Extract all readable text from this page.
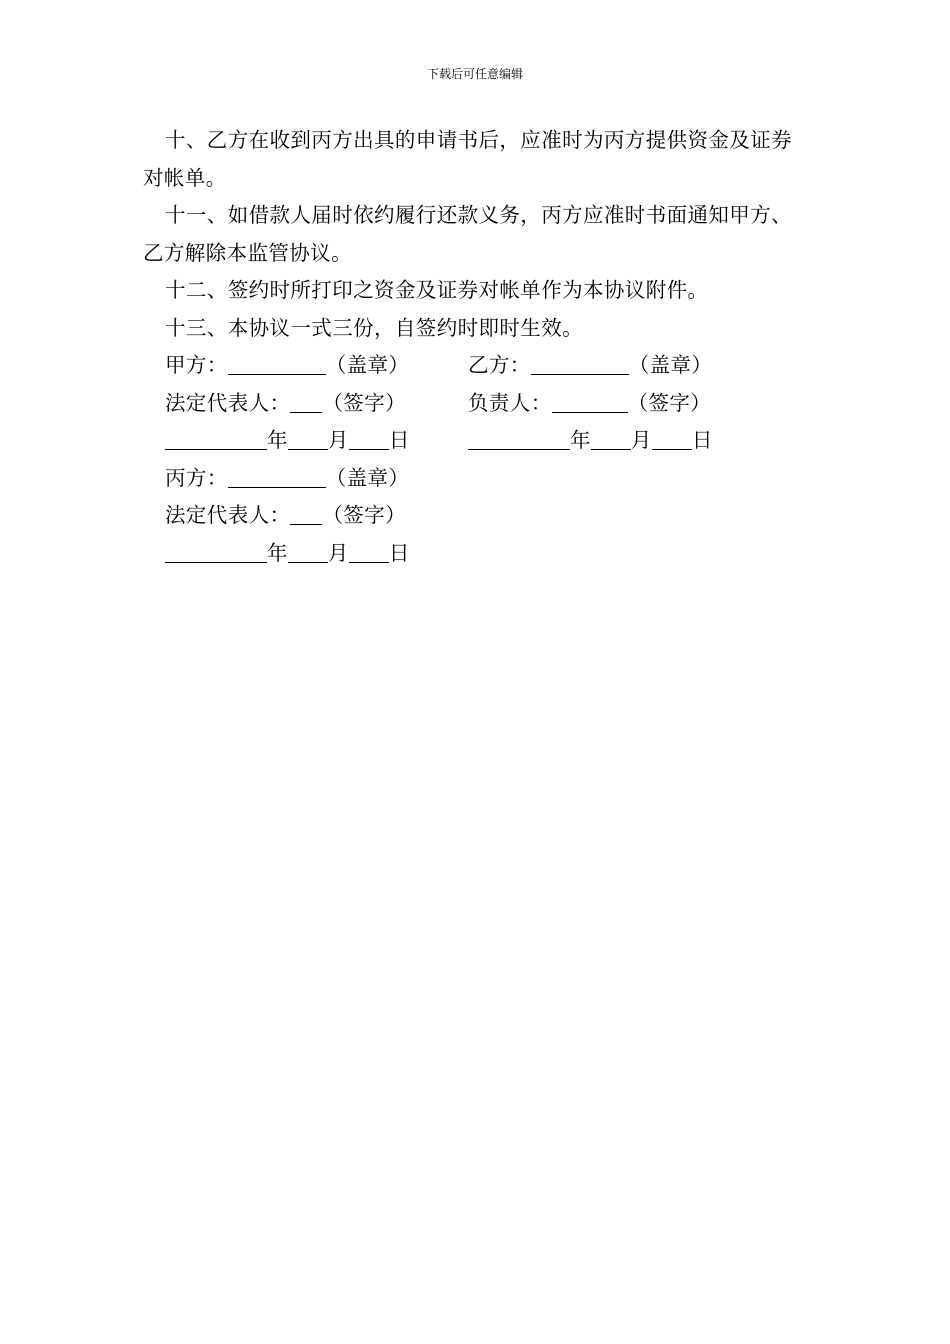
下载后可任意编辑

十、乙方在收到丙方出具的申请书后，应准时为丙方提供资金及证券对帐单。

十一、如借款人届时依约履行还款义务，丙方应准时书面通知甲方、乙方解除本监管协议。

十二、签约时所打印之资金及证券对帐单作为本协议附件。

十三、本协议一式三份，自签约时即时生效。

甲方：	（盖章）	乙方：	（盖章）
法定代表人： （签字）	负责人：	（签字）
年 月 日	年 月 日
丙方：	（盖章）
法定代表人： （签字）
年 月 日
